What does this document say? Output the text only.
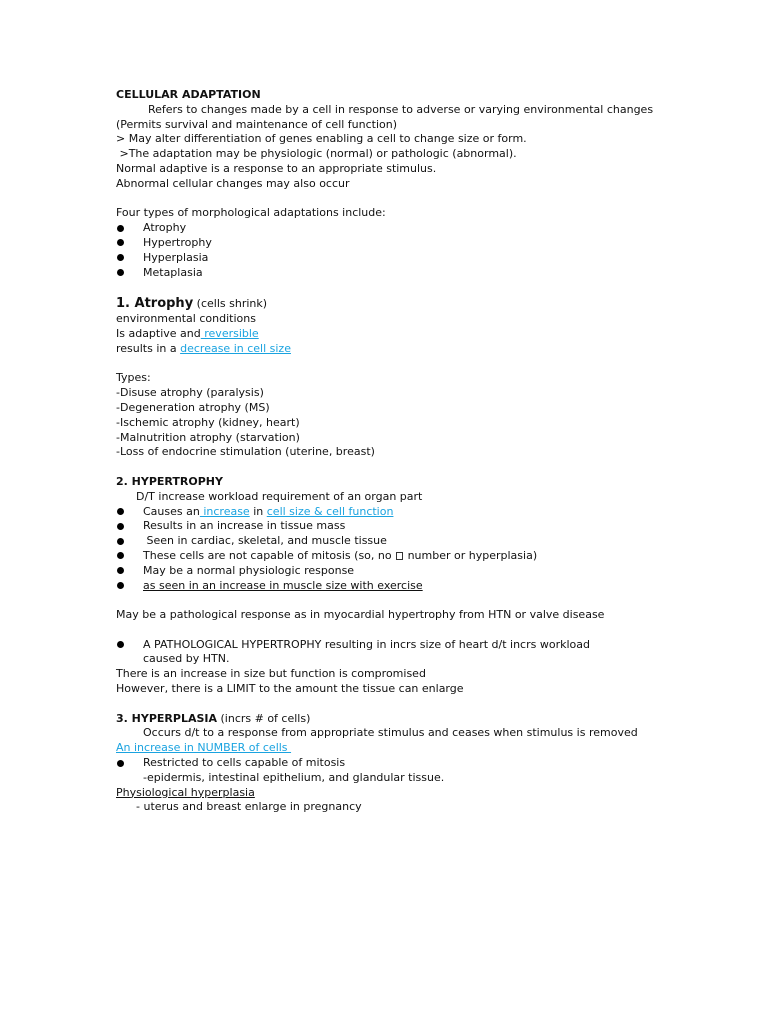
CELLULAR ADAPTATION
Refers to changes made by a cell in response to adverse or varying environmental changes
(Permits survival and maintenance of cell function)
> May alter differentiation of genes enabling a cell to change size or form.
>The adaptation may be physiologic (normal) or pathologic (abnormal).
Normal adaptive is a response to an appropriate stimulus.
Abnormal cellular changes may also occur
Four types of morphological adaptations include:
Atrophy
Hypertrophy
Hyperplasia
Metaplasia
1. Atrophy (cells shrink)
environmental conditions
Is adaptive and reversible
results in a decrease in cell size
Types:
-Disuse atrophy (paralysis)
-Degeneration atrophy (MS)
-Ischemic atrophy (kidney, heart)
-Malnutrition atrophy (starvation)
-Loss of endocrine stimulation (uterine, breast)
2. HYPERTROPHY
D/T increase workload requirement of an organ part
Causes an increase in cell size & cell function
Results in an increase in tissue mass
Seen in cardiac, skeletal, and muscle tissue
These cells are not capable of mitosis (so, no  number or hyperplasia)
May be a normal physiologic response
as seen in an increase in muscle size with exercise
May be a pathological response as in myocardial hypertrophy from HTN or valve disease
A PATHOLOGICAL HYPERTROPHY resulting in incrs size of heart d/t incrs workload caused by HTN.
There is an increase in size but function is compromised
However, there is a LIMIT to the amount the tissue can enlarge
3. HYPERPLASIA (incrs # of cells)
Occurs d/t to a response from appropriate stimulus and ceases when stimulus is removed
An increase in NUMBER of cells
Restricted to cells capable of mitosis
-epidermis, intestinal epithelium, and glandular tissue.
Physiological hyperplasia
- uterus and breast enlarge in pregnancy
